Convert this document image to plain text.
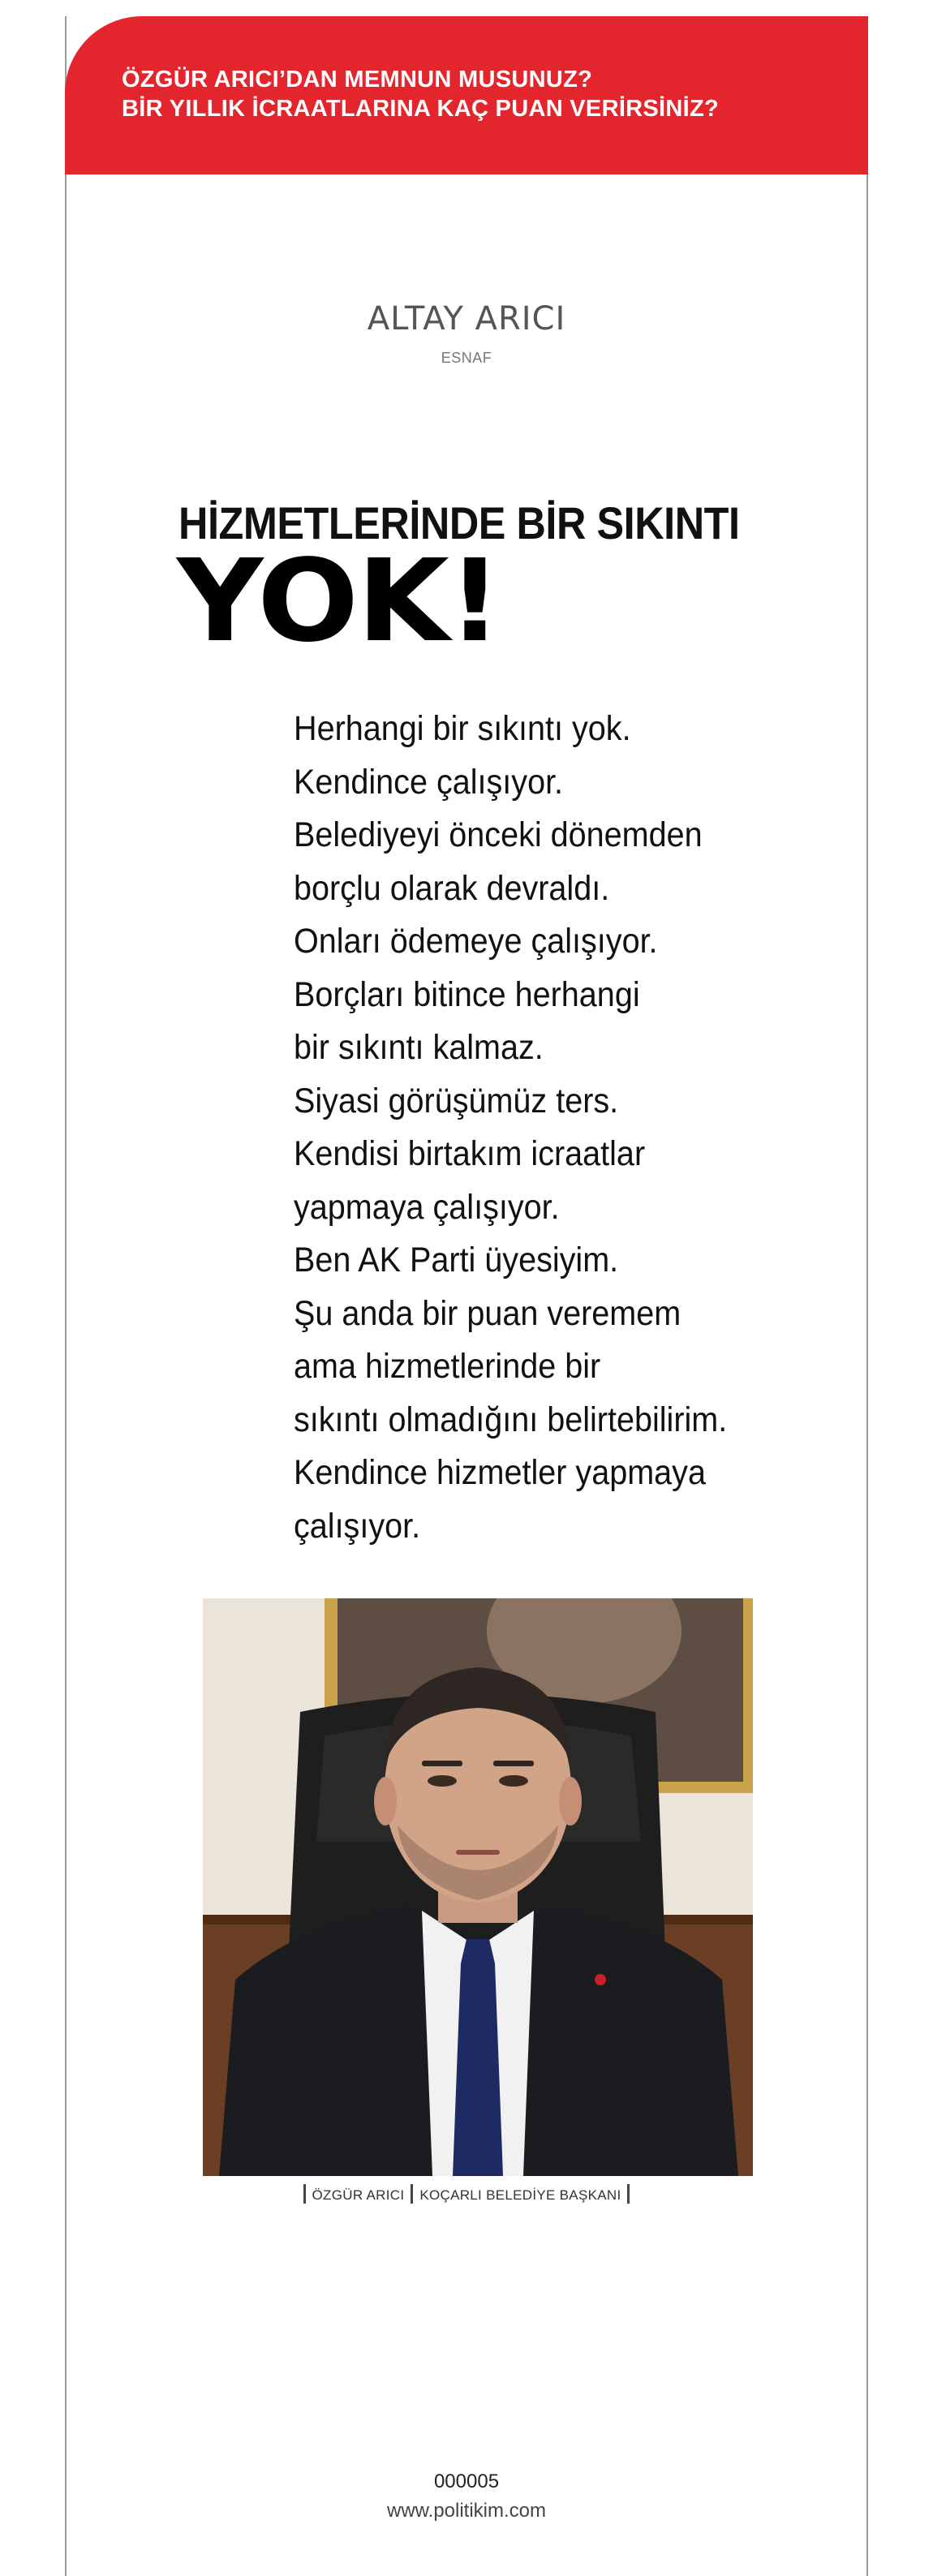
ÖZGÜR ARICI’DAN MEMNUN MUSUNUZ?
BİR YILLIK İCRAATLARINA KAÇ PUAN VERİRSİNİZ?
ALTAY ARICI
ESNAF
HİZMETLERİNDE BİR SIKINTI
YOK!
Herhangi bir sıkıntı yok.
Kendince çalışıyor.
Belediyeyi önceki dönemden
borçlu olarak devraldı.
Onları ödemeye çalışıyor.
Borçları bitince herhangi
bir sıkıntı kalmaz.
Siyasi görüşümüz ters.
Kendisi birtakım icraatlar
yapmaya çalışıyor.
Ben AK Parti üyesiyim.
Şu anda bir puan veremem
ama hizmetlerinde bir
sıkıntı olmadığını belirtebilirim.
Kendince hizmetler yapmaya
çalışıyor.
ÖZGÜR ARICI KOÇARLI BELEDİYE BAŞKANI
000005
www.politikim.com
